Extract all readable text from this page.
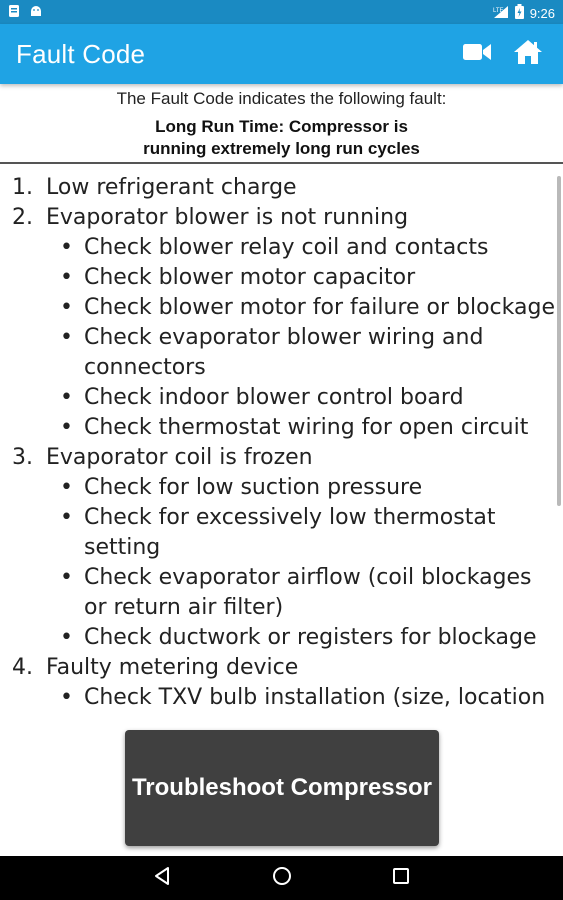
LTE 9:26
Fault Code
The Fault Code indicates the following fault:
Long Run Time: Compressor is
running extremely long run cycles
1. Low refrigerant charge
2. Evaporator blower is not running
• Check blower relay coil and contacts
• Check blower motor capacitor
• Check blower motor for failure or blockage
• Check evaporator blower wiring and connectors
• Check indoor blower control board
• Check thermostat wiring for open circuit
3. Evaporator coil is frozen
• Check for low suction pressure
• Check for excessively low thermostat setting
• Check evaporator airflow (coil blockages or return air filter)
• Check ductwork or registers for blockage
4. Faulty metering device
• Check TXV bulb installation (size, location
Troubleshoot Compressor
